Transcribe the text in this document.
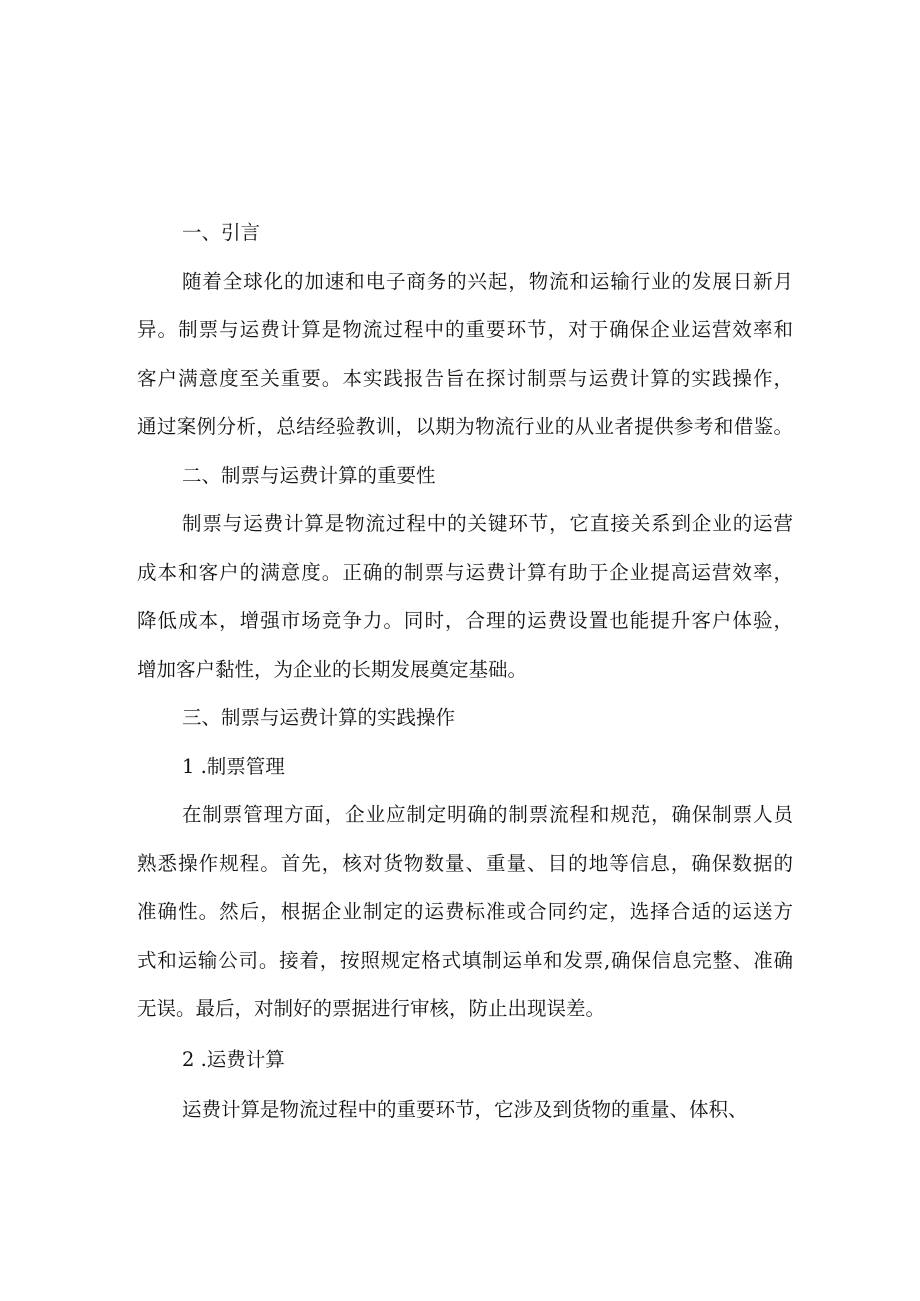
一、引言
随着全球化的加速和电子商务的兴起，物流和运输行业的发展日新月
异。制票与运费计算是物流过程中的重要环节，对于确保企业运营效率和
客户满意度至关重要。本实践报告旨在探讨制票与运费计算的实践操作，
通过案例分析，总结经验教训，以期为物流行业的从业者提供参考和借鉴。
二、制票与运费计算的重要性
制票与运费计算是物流过程中的关键环节，它直接关系到企业的运营
成本和客户的满意度。正确的制票与运费计算有助于企业提高运营效率，
降低成本，增强市场竞争力。同时，合理的运费设置也能提升客户体验，
增加客户黏性，为企业的长期发展奠定基础。
三、制票与运费计算的实践操作
1 .制票管理
在制票管理方面，企业应制定明确的制票流程和规范，确保制票人员
熟悉操作规程。首先，核对货物数量、重量、目的地等信息，确保数据的
准确性。然后，根据企业制定的运费标准或合同约定，选择合适的运送方
式和运输公司。接着，按照规定格式填制运单和发票,确保信息完整、准确
无误。最后，对制好的票据进行审核，防止出现误差。
2 .运费计算
运费计算是物流过程中的重要环节，它涉及到货物的重量、体积、
